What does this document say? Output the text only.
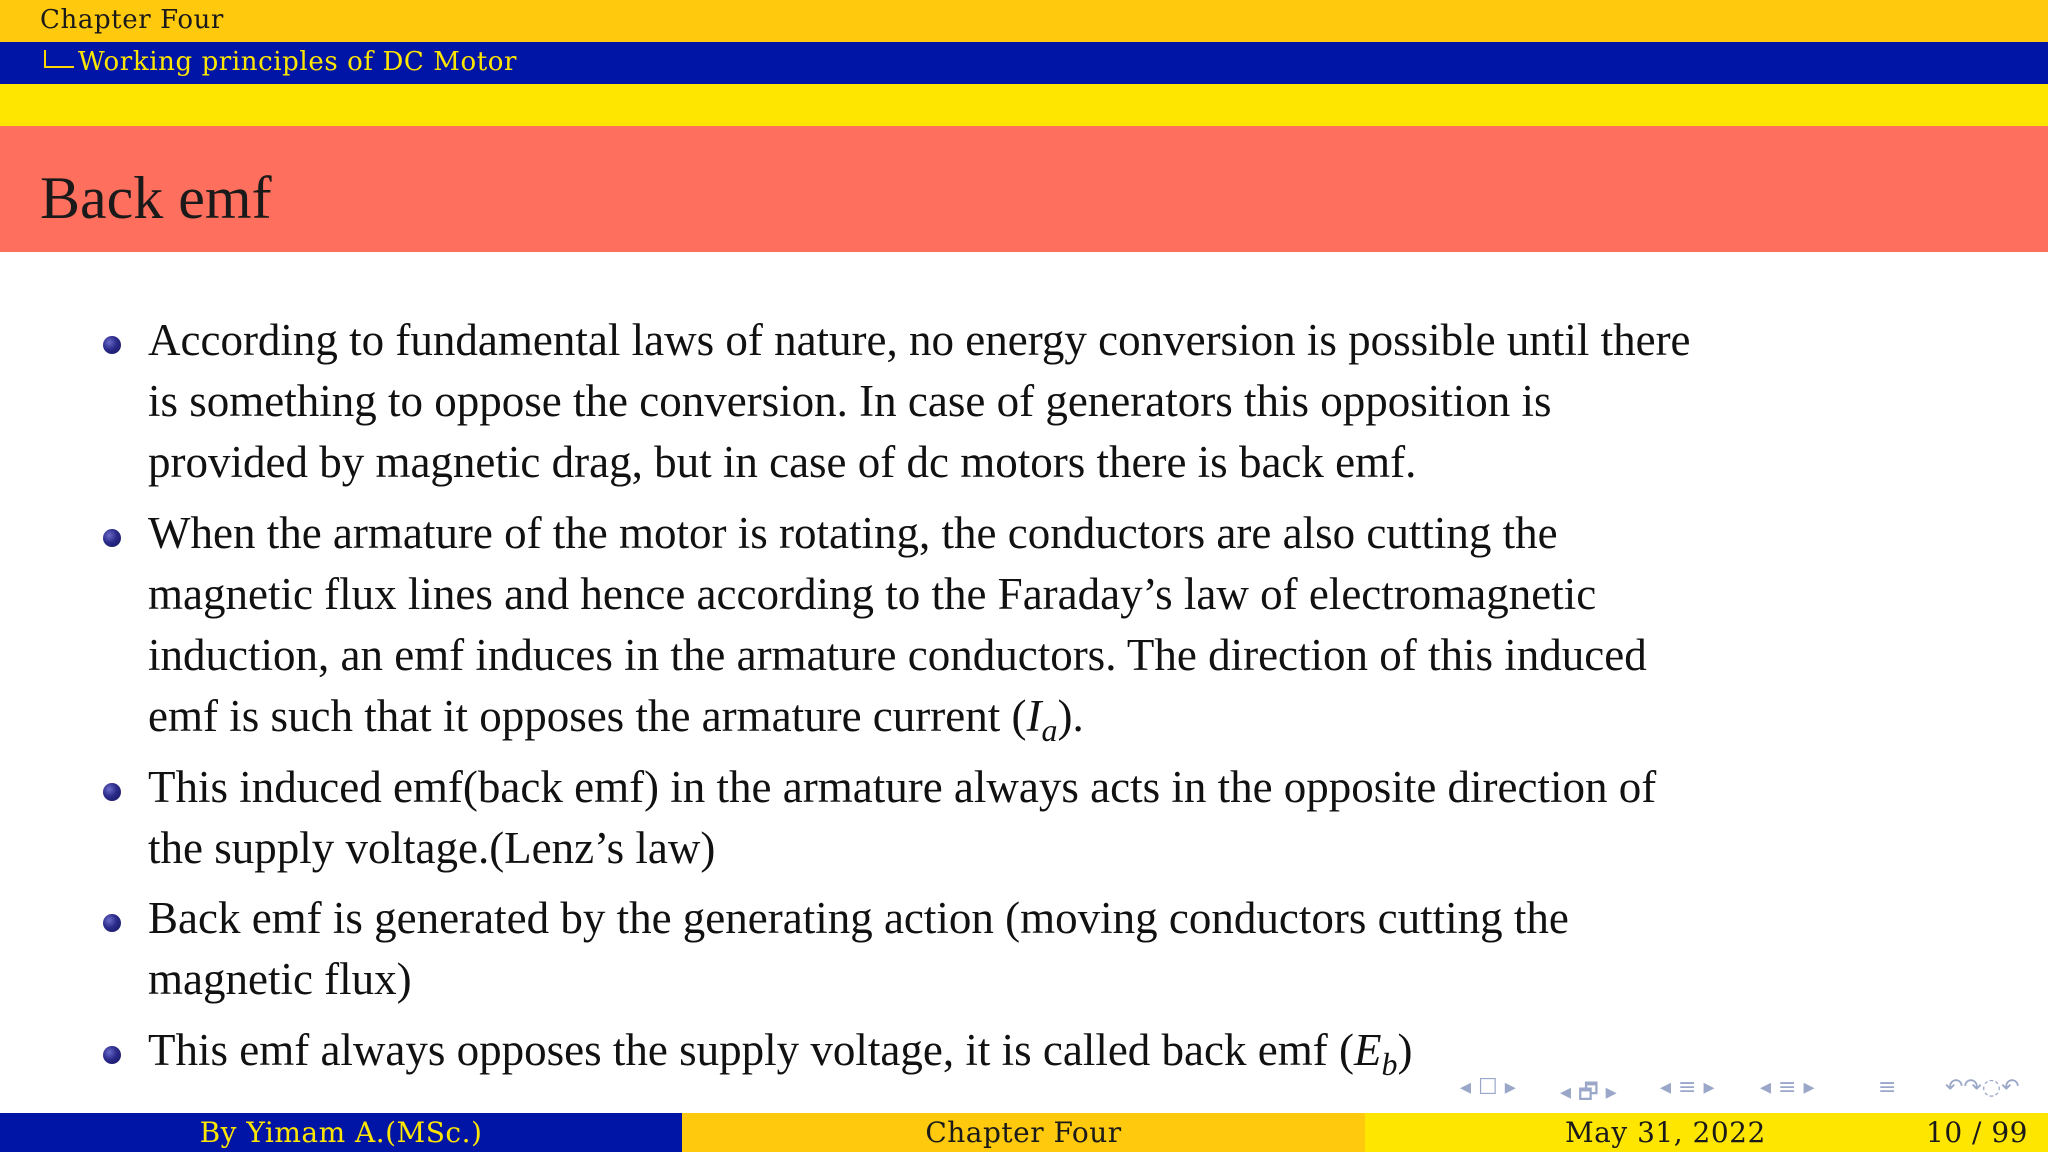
Chapter Four
Working principles of DC Motor
Back emf
According to fundamental laws of nature, no energy conversion is possible until there
is something to oppose the conversion. In case of generators this opposition is
provided by magnetic drag, but in case of dc motors there is back emf.
When the armature of the motor is rotating, the conductors are also cutting the
magnetic flux lines and hence according to the Faraday’s law of electromagnetic
induction, an emf induces in the armature conductors. The direction of this induced
emf is such that it opposes the armature current $(I_a)$.
This induced emf(back emf) in the armature always acts in the opposite direction of
the supply voltage.(Lenz’s law)
Back emf is generated by the generating action (moving conductors cutting the
magnetic flux)
This emf always opposes the supply voltage, it is called back emf $(E_b)$
◂ ☐ ▸ ◂ 🗗 ▸ ◂ ≡ ▸ ◂ ≡ ▸	≡ ↶↷◌↶
By Yimam A.(MSc.)	Chapter Four	May 31, 2022	10 / 99
